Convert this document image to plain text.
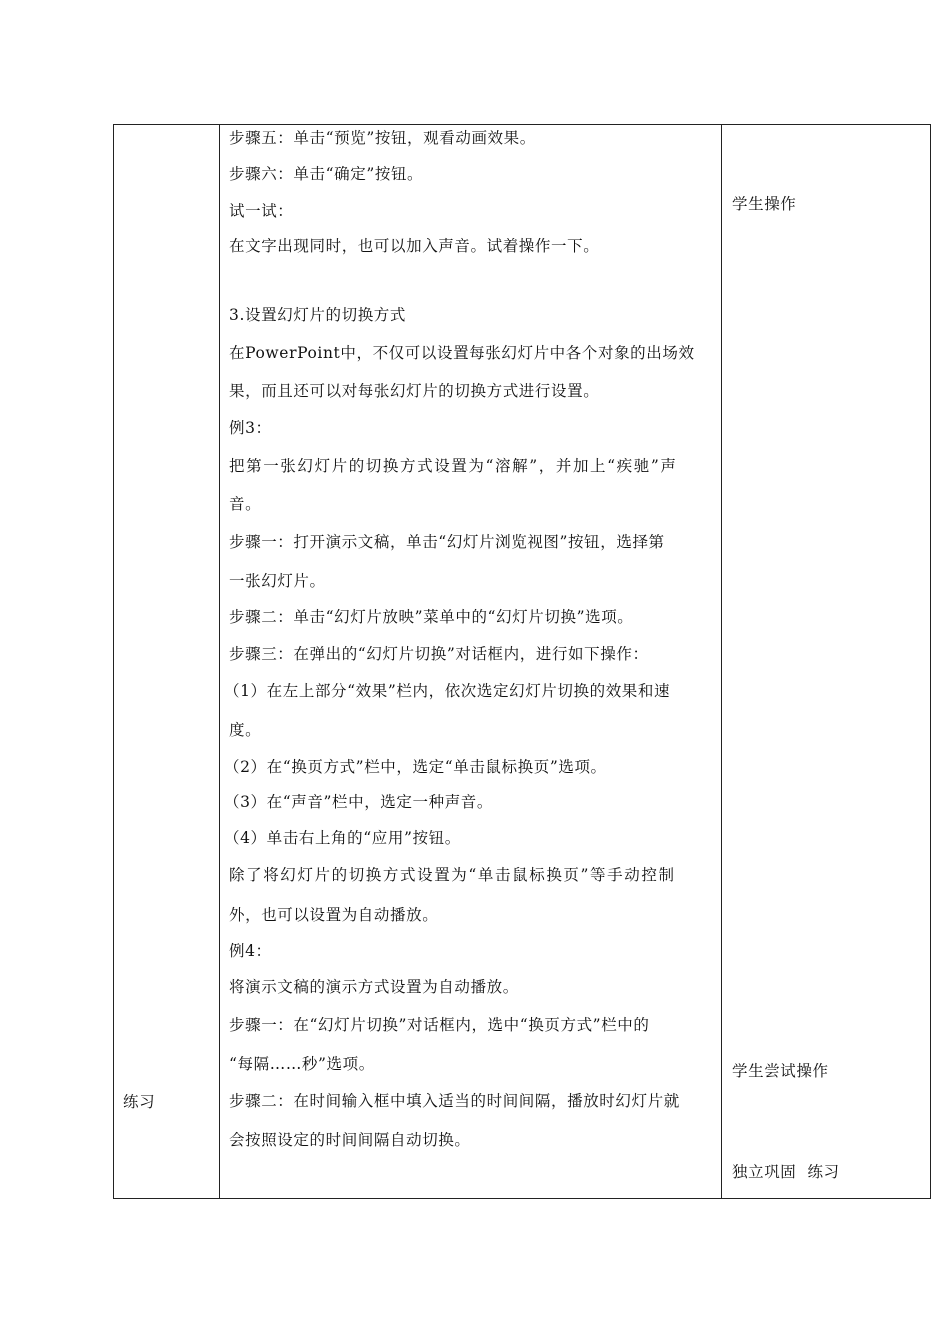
练习
步骤五：单击“预览”按钮，观看动画效果。
步骤六：单击“确定”按钮。
试一试：
在文字出现同时，也可以加入声音。试着操作一下。
3.设置幻灯片的切换方式
在PowerPoint中，不仅可以设置每张幻灯片中各个对象的出场效
果，而且还可以对每张幻灯片的切换方式进行设置。
例3：
把第一张幻灯片的切换方式设置为“溶解”，并加上“疾驰”声
音。
步骤一：打开演示文稿，单击“幻灯片浏览视图”按钮，选择第
一张幻灯片。
步骤二：单击“幻灯片放映”菜单中的“幻灯片切换”选项。
步骤三：在弹出的“幻灯片切换”对话框内，进行如下操作：
（1）在左上部分“效果”栏内，依次选定幻灯片切换的效果和速
度。
（2）在“换页方式”栏中，选定“单击鼠标换页”选项。
（3）在“声音”栏中，选定一种声音。
（4）单击右上角的“应用”按钮。
除了将幻灯片的切换方式设置为“单击鼠标换页”等手动控制
外，也可以设置为自动播放。
例4：
将演示文稿的演示方式设置为自动播放。
步骤一：在“幻灯片切换”对话框内，选中“换页方式”栏中的
“每隔……秒”选项。
步骤二：在时间输入框中填入适当的时间间隔，播放时幻灯片就
会按照设定的时间间隔自动切换。
学生操作
学生尝试操作
独立巩固  练习
